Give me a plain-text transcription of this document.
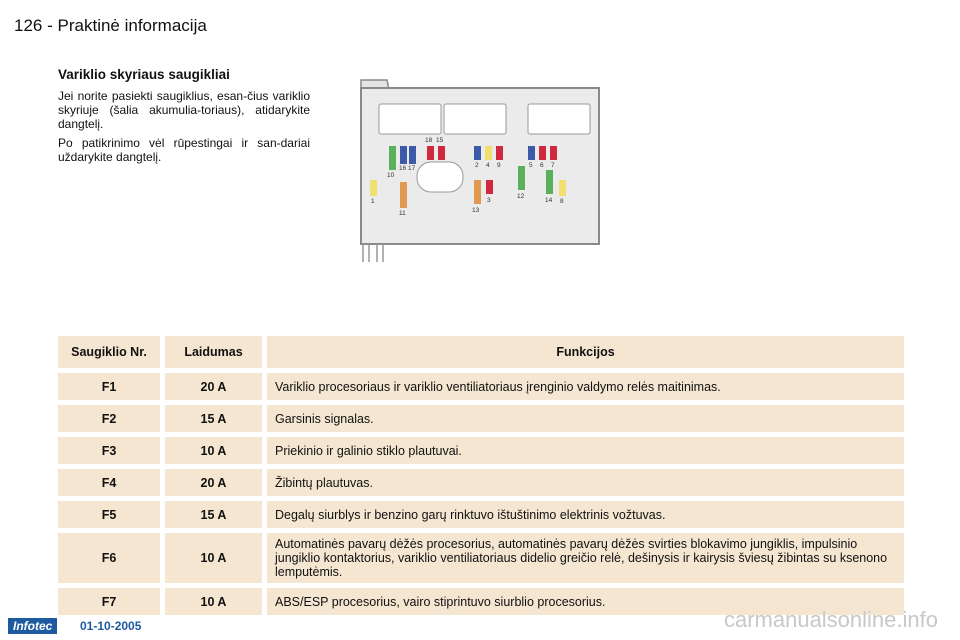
126 - Praktinė informacija
Variklio skyriaus saugikliai

Jei norite pasiekti saugiklius, esan-čius variklio skyriuje (šalia akumulia-toriaus), atidarykite dangtelį.

Po patikrinimo vėl rūpestingai ir san-dariai uždarykite dangtelį.

18 15
10
16 17	2 4 9	5 6 7
1
11	13
3
12
14 8
Saugiklio Nr.	Laidumas	Funkcijos
F1	20 A	Variklio procesoriaus ir variklio ventiliatoriaus įrenginio valdymo relės maitinimas.
F2	15 A	Garsinis signalas.
F3	10 A	Priekinio ir galinio stiklo plautuvai.
F4	20 A	Žibintų plautuvas.
F5	15 A	Degalų siurblys ir benzino garų rinktuvo ištuštinimo elektrinis vožtuvas.
F6	10 A	Automatinės pavarų dėžės procesorius, automatinės pavarų dėžės svirties blokavimo jungiklis, impulsinio jungiklio kontaktorius, variklio ventiliatoriaus didelio greičio relė, dešinysis ir kairysis šviesų žibintas su ksenono lemputėmis.
F7	10 A	ABS/ESP procesorius, vairo stiprintuvo siurblio procesorius.
Infotec	01-10-2005	carmanualsonline.info
